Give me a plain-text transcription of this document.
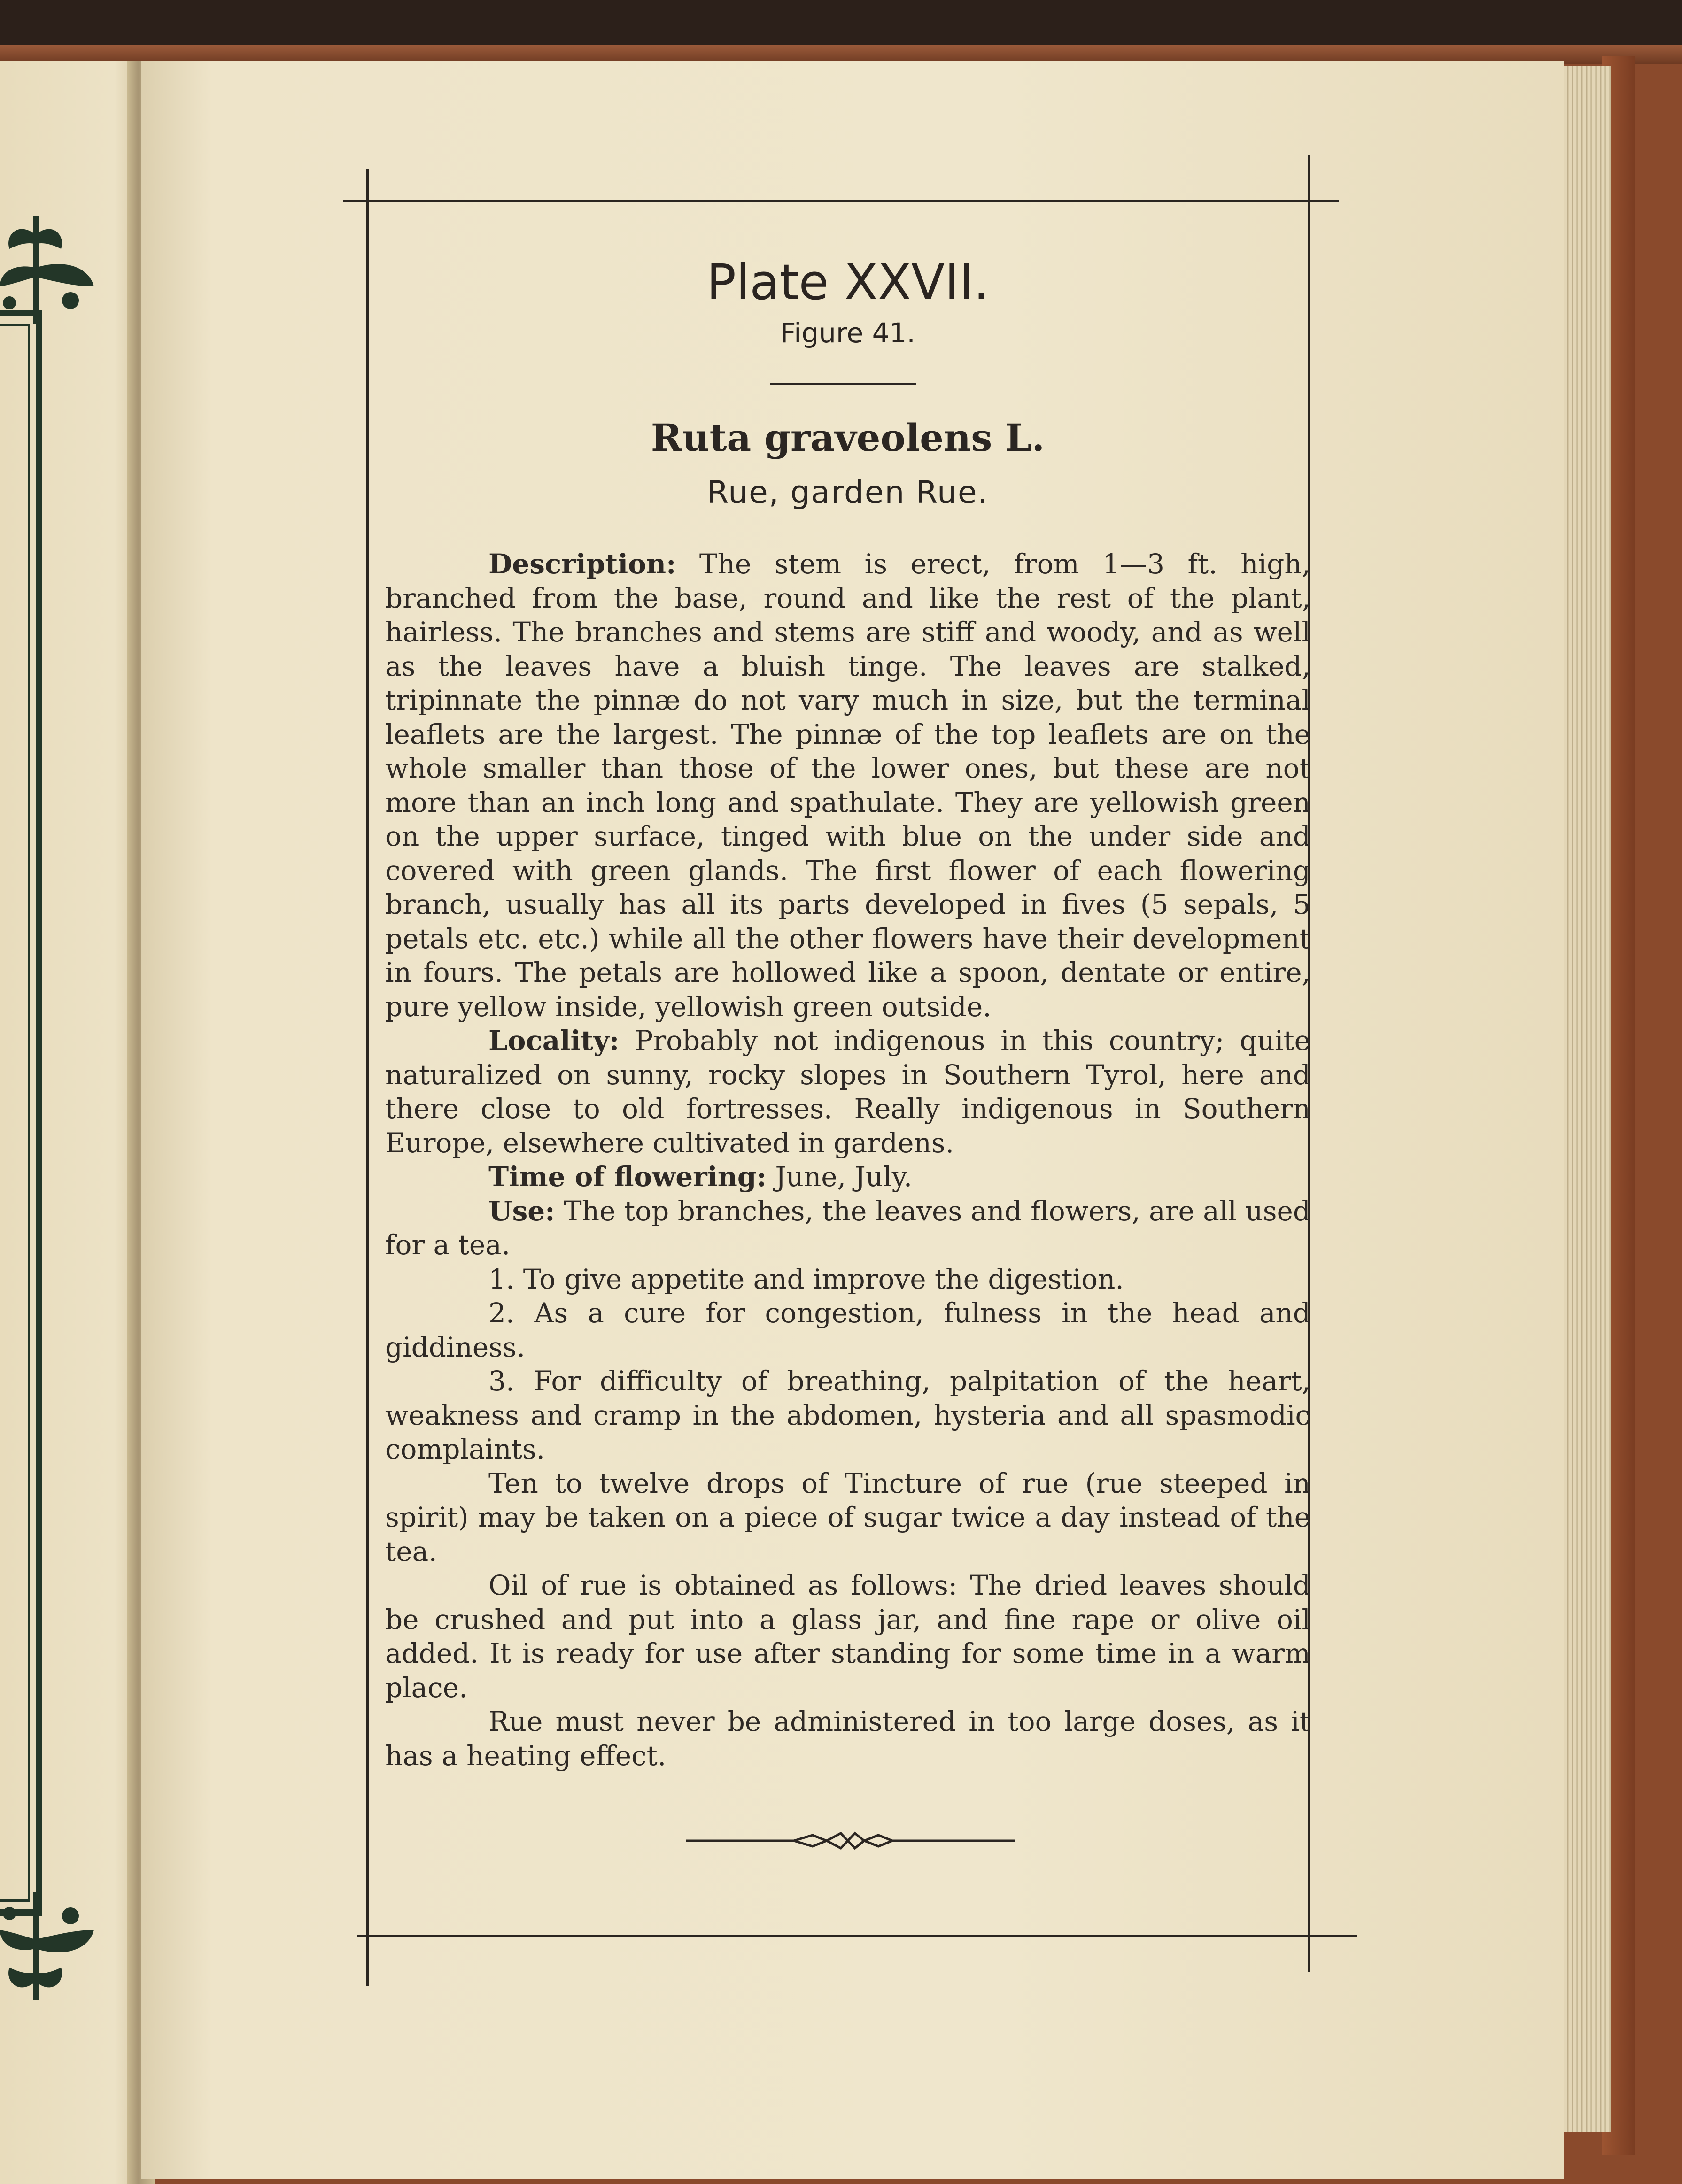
Plate XXVII.
Figure 41.
Ruta graveolens L.
Rue, garden Rue.

Description: The stem is erect, from 1—3 ft. high, branched from the base, round and like the rest of the plant, hairless. The branches and stems are stiff and woody, and as well as the leaves have a bluish tinge. The leaves are stalked, tripinnate the pinnæ do not vary much in size, but the terminal leaflets are the largest. The pinnæ of the top leaflets are on the whole smaller than those of the lower ones, but these are not more than an inch long and spathulate. They are yellowish green on the upper surface, tinged with blue on the under side and covered with green glands. The first flower of each flowering branch, usually has all its parts developed in fives (5 sepals, 5 petals etc. etc.) while all the other flowers have their development in fours. The petals are hollowed like a spoon, dentate or entire, pure yellow inside, yellowish green outside.

Locality: Probably not indigenous in this country; quite naturalized on sunny, rocky slopes in Southern Tyrol, here and there close to old fortresses. Really indigenous in Southern Europe, elsewhere cultivated in gardens.

Time of flowering: June, July.

Use: The top branches, the leaves and flowers, are all used for a tea.

1. To give appetite and improve the digestion.

2. As a cure for congestion, fulness in the head and giddiness.

3. For difficulty of breathing, palpitation of the heart, weakness and cramp in the abdomen, hysteria and all spasmodic complaints.

Ten to twelve drops of Tincture of rue (rue steeped in spirit) may be taken on a piece of sugar twice a day instead of the tea.

Oil of rue is obtained as follows: The dried leaves should be crushed and put into a glass jar, and fine rape or olive oil added. It is ready for use after standing for some time in a warm place.

Rue must never be administered in too large doses, as it has a heating effect.
